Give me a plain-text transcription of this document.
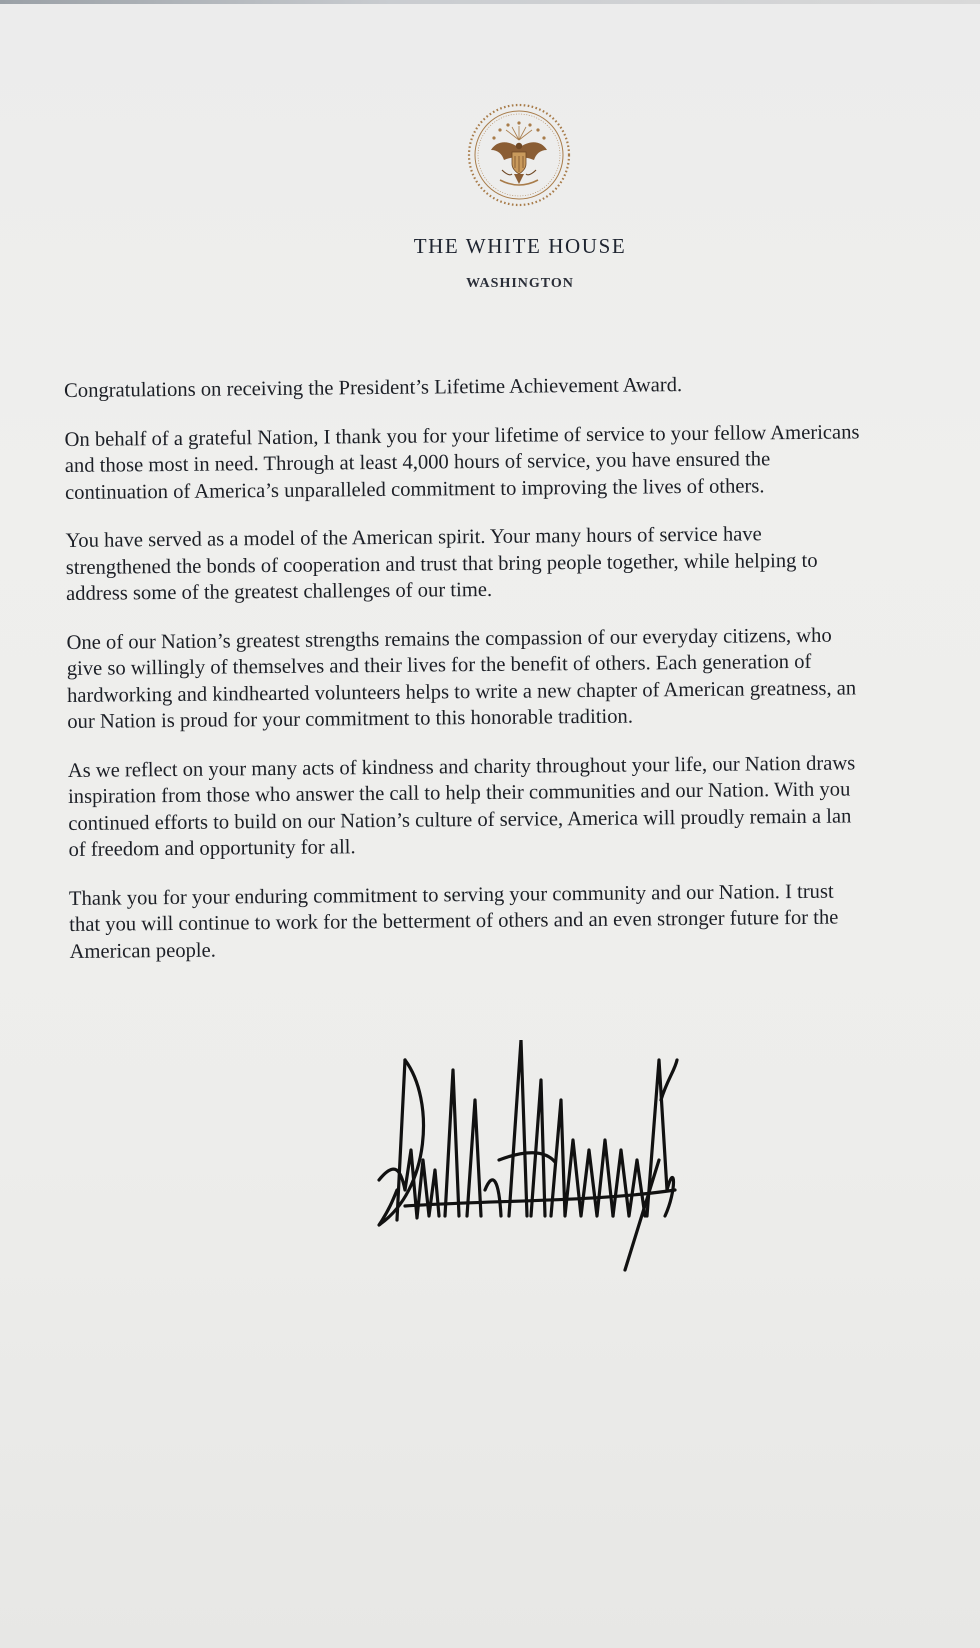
THE WHITE HOUSE
WASHINGTON

Congratulations on receiving the President’s Lifetime Achievement Award.

On behalf of a grateful Nation, I thank you for your lifetime of service to your fellow Americans
and those most in need. Through at least 4,000 hours of service, you have ensured the
continuation of America’s unparalleled commitment to improving the lives of others.

You have served as a model of the American spirit. Your many hours of service have
strengthened the bonds of cooperation and trust that bring people together, while helping to
address some of the greatest challenges of our time.

One of our Nation’s greatest strengths remains the compassion of our everyday citizens, who
give so willingly of themselves and their lives for the benefit of others. Each generation of
hardworking and kindhearted volunteers helps to write a new chapter of American greatness, an
our Nation is proud for your commitment to this honorable tradition.

As we reflect on your many acts of kindness and charity throughout your life, our Nation draws
inspiration from those who answer the call to help their communities and our Nation. With you
continued efforts to build on our Nation’s culture of service, America will proudly remain a lan
of freedom and opportunity for all.

Thank you for your enduring commitment to serving your community and our Nation. I trust
that you will continue to work for the betterment of others and an even stronger future for the
American people.
